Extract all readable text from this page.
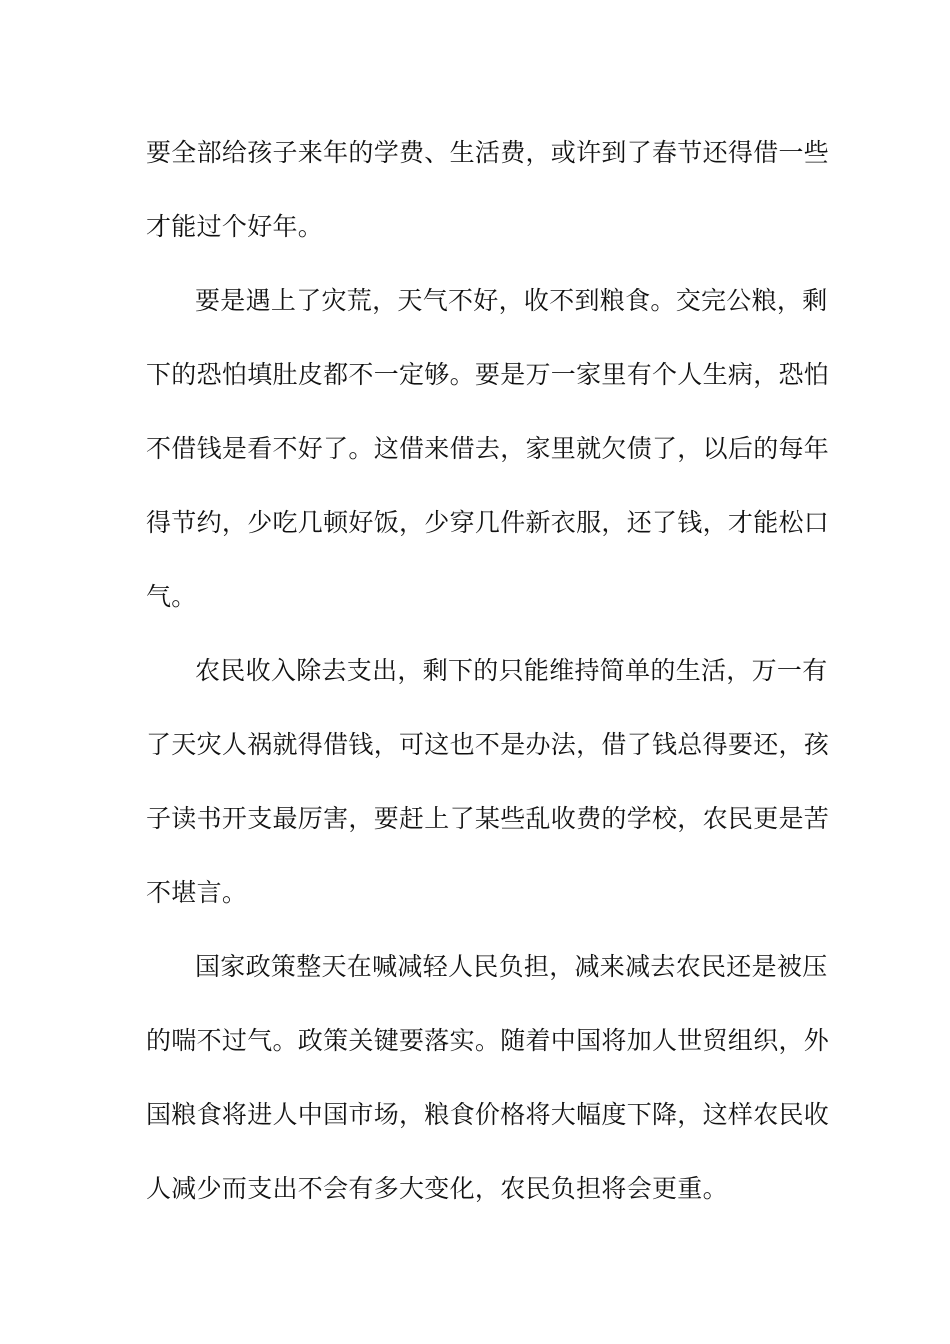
要全部给孩子来年的学费、生活费，或许到了春节还得借一些
才能过个好年。
要是遇上了灾荒，天气不好，收不到粮食。交完公粮，剩
下的恐怕填肚皮都不一定够。要是万一家里有个人生病，恐怕
不借钱是看不好了。这借来借去，家里就欠债了，以后的每年
得节约，少吃几顿好饭，少穿几件新衣服，还了钱，才能松口
气。
农民收入除去支出，剩下的只能维持简单的生活，万一有
了天灾人祸就得借钱，可这也不是办法，借了钱总得要还，孩
子读书开支最厉害，要赶上了某些乱收费的学校，农民更是苦
不堪言。
国家政策整天在喊减轻人民负担，减来减去农民还是被压
的喘不过气。政策关键要落实。随着中国将加人世贸组织，外
国粮食将进人中国市场，粮食价格将大幅度下降，这样农民收
人减少而支出不会有多大变化，农民负担将会更重。
